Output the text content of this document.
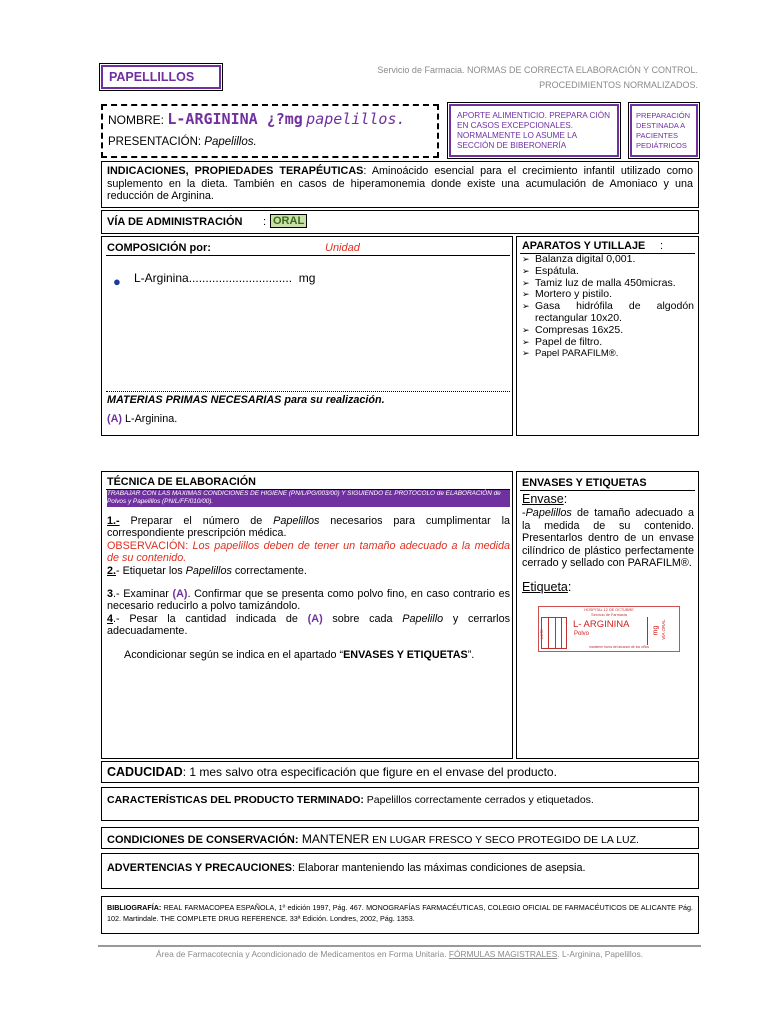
PAPELLILLOS	Servicio de Farmacia. NORMAS DE CORRECTA ELABORACIÓN Y CONTROL.
PROCEDIMIENTOS NORMALIZADOS.
NOMBRE: L-ARGININA ¿?mg papelillos.
PRESENTACIÓN: Papelillos.
APORTE ALIMENTICIO. PREPARA CIÓN EN CASOS EXCEPCIONALES. NORMALMENTE LO ASUME LA SECCIÓN DE BIBERONERÍA
PREPARACIÓN DESTINADA A PACIENTES PEDIÁTRICOS

INDICACIONES, PROPIEDADES TERAPÉUTICAS: Aminoácido esencial para el crecimiento infantil utilizado como suplemento en la dieta. También en casos de hiperamonemia donde existe una acumulación de Amoniaco y una reducción de Arginina.

VÍA DE ADMINISTRACIÓN : ORAL
COMPOSICIÓN por:	Unidad
● L-Arginina...............................  mg
MATERIAS PRIMAS NECESARIAS para su realización.
(A) L-Arginina.
APARATOS Y UTILLAJE :
➢ Balanza digital 0,001.
➢ Espátula.
➢ Tamiz luz de malla 450micras.
➢ Mortero y pistilo.
➢ Gasa hidrófila de algodón rectangular 10x20.
➢ Compresas 16x25.
➢ Papel de filtro.
➢ Papel PARAFILM®.
TÉCNICA DE ELABORACIÓN
TRABAJAR CON LAS MAXIMAS CONDICIONES DE HIGIENE (PN/L/PG/003/00) Y SIGUIENDO EL PROTOCOLO de ELABORACIÓN de Polvos y Papelillos (PN/L/FF/010/00).

1.- Preparar el número de Papelillos necesarios para cumplimentar la correspondiente prescripción médica.

OBSERVACIÓN: Los papelillos deben de tener un tamaño adecuado a la medida de su contenido.

2.- Etiquetar los Papelillos correctamente.

3.- Examinar (A). Confirmar que se presenta como polvo fino, en caso contrario es necesario reducirlo a polvo tamizándolo.

4.- Pesar la cantidad indicada de (A) sobre cada Papelillo y cerrarlos adecuadamente.

Acondicionar según se indica en el apartado “ENVASES Y ETIQUETAS”.

ENVASES Y ETIQUETAS
Envase:

-Papelillos de tamaño adecuado a la medida de su contenido. Presentarlos dentro de un envase cilíndrico de plástico perfectamente cerrado y sellado con PARAFILM®.

Etiqueta:
HOSPITAL 12 DE OCTUBRE
Servicio de Farmacia
LOTE
L- ARGININA
Polvo	mg VÍA ORAL
mantener fuera del alcance de los niños
CADUCIDAD: 1 mes salvo otra especificación que figure en el envase del producto.
CARACTERÍSTICAS DEL PRODUCTO TERMINADO: Papelillos correctamente cerrados y etiquetados.
CONDICIONES DE CONSERVACIÓN: MANTENER EN LUGAR FRESCO Y SECO PROTEGIDO DE LA LUZ.
ADVERTENCIAS Y PRECAUCIONES: Elaborar manteniendo las máximas condiciones de asepsia.

BIBLIOGRAFÍA: REAL FARMACOPEA ESPAÑOLA, 1º edición 1997, Pág. 467. MONOGRAFÍAS FARMACÉUTICAS, COLEGIO OFICIAL DE FARMACÉUTICOS DE ALICANTE Pág. 102. Martindale. THE COMPLETE DRUG REFERENCE. 33ª Edición. Londres, 2002, Pág. 1353.

Área de Farmacotecnia y Acondicionado de Medicamentos en Forma Unitaria. FÓRMULAS MAGISTRALES. L-Arginina, Papelillos.
